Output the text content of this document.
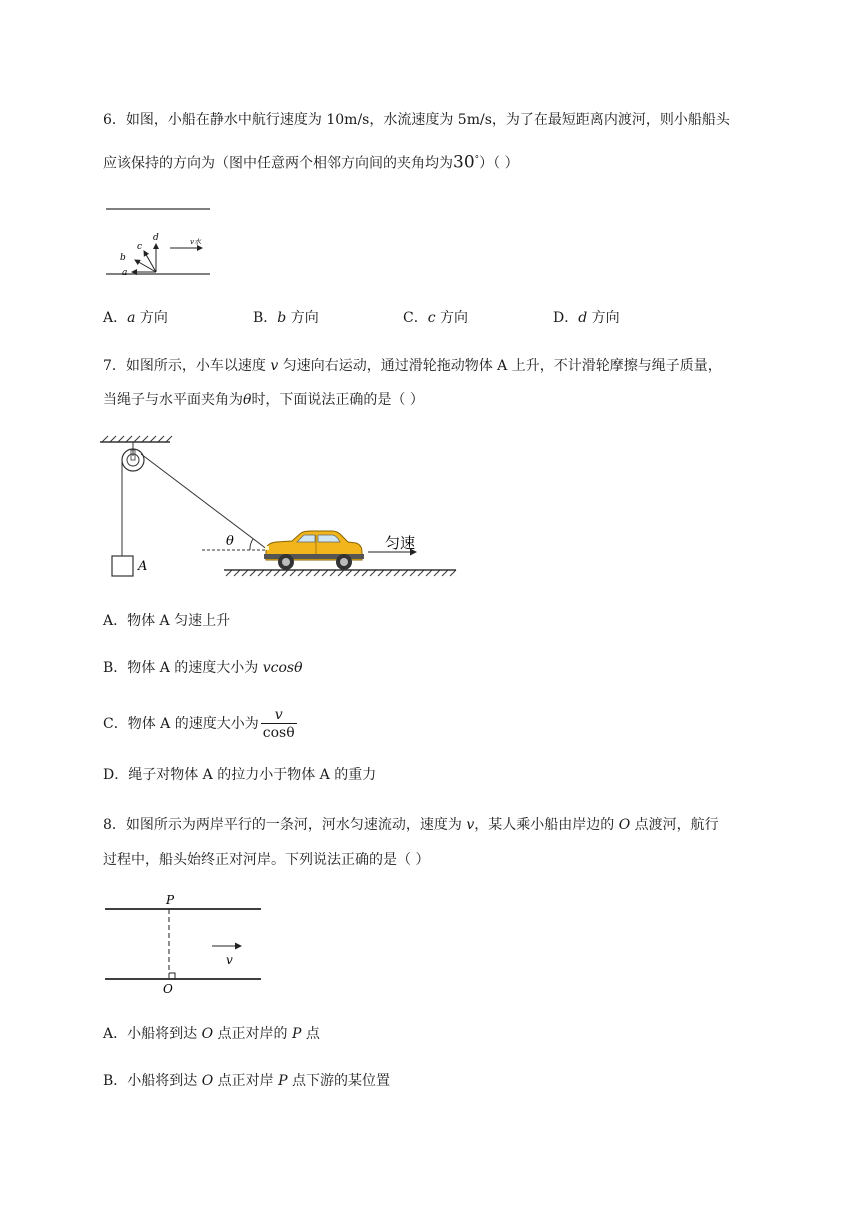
6．如图，小船在静水中航行速度为 10m/s，水流速度为 5m/s，为了在最短距离内渡河，则小船船头
应该保持的方向为（图中任意两个相邻方向间的夹角均为30°）（ ）
a
b
c
d	v水
A．a 方向	B．b 方向	C．c 方向	D．d 方向
7．如图所示，小车以速度 v 匀速向右运动，通过滑轮拖动物体 A 上升，不计滑轮摩擦与绳子质量，
当绳子与水平面夹角为θ时，下面说法正确的是（ ）
A
θ	匀速
A．物体 A 匀速上升
B．物体 A 的速度大小为 vcosθ
C．物体 A 的速度大小为 $\frac{v}{\cos\theta}$
D．绳子对物体 A 的拉力小于物体 A 的重力
8．如图所示为两岸平行的一条河，河水匀速流动，速度为 v，某人乘小船由岸边的 O 点渡河，航行
过程中，船头始终正对河岸。下列说法正确的是（ ）
P
O
v
A．小船将到达 O 点正对岸的 P 点
B．小船将到达 O 点正对岸 P 点下游的某位置
